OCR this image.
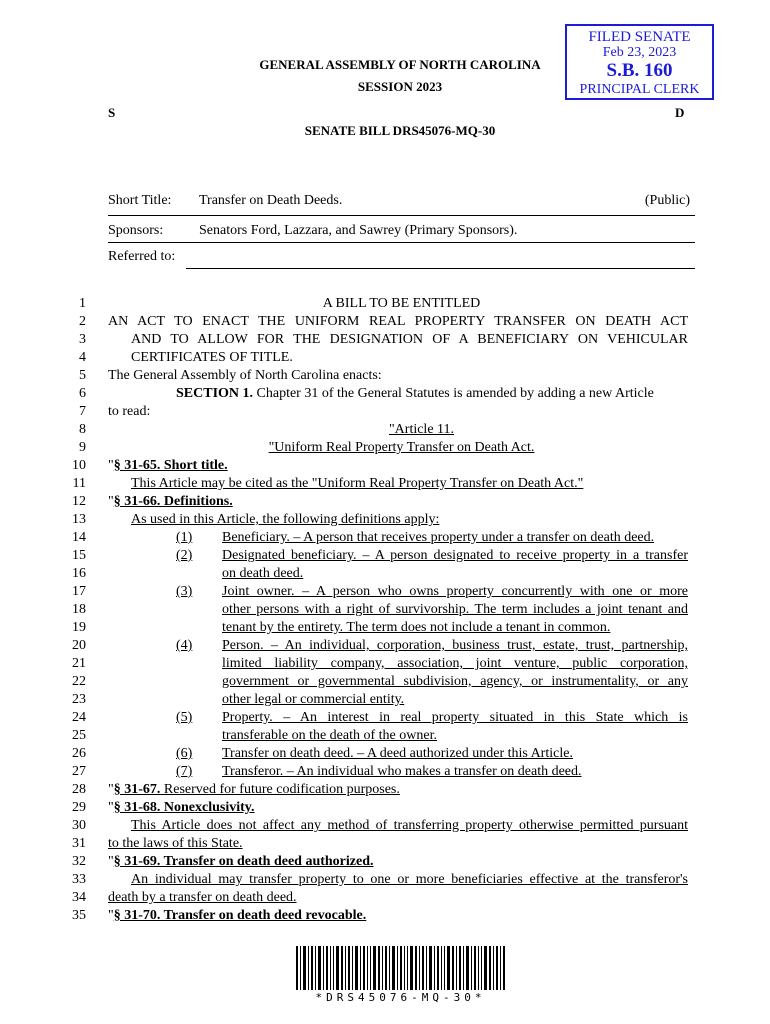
FILED SENATE
Feb 23, 2023
S.B. 160
PRINCIPAL CLERK
GENERAL ASSEMBLY OF NORTH CAROLINA
SESSION 2023
S	D
SENATE BILL DRS45076-MQ-30
Short Title: Transfer on Death Deeds.	(Public)
Sponsors:	Senators Ford, Lazzara, and Sawrey (Primary Sponsors).
Referred to:
1
2
3
4
5
6
7
8
9
10
11
12
13
14
15
16
17
18
19
20
21
22
23
24
25
26
27
28
29
30
31
32
33
34
35
A BILL TO BE ENTITLED
AN ACT TO ENACT THE UNIFORM REAL PROPERTY TRANSFER ON DEATH ACT
AND TO ALLOW FOR THE DESIGNATION OF A BENEFICIARY ON VEHICULAR
CERTIFICATES OF TITLE.
The General Assembly of North Carolina enacts:
SECTION 1. Chapter 31 of the General Statutes is amended by adding a new Article
to read:
"Article 11.
"Uniform Real Property Transfer on Death Act.
"§ 31-65. Short title.
This Article may be cited as the "Uniform Real Property Transfer on Death Act."
"§ 31-66. Definitions.
As used in this Article, the following definitions apply:
(1) Beneficiary. – A person that receives property under a transfer on death deed.
(2) Designated beneficiary. – A person designated to receive property in a transfer
on death deed.
(3) Joint owner. – A person who owns property concurrently with one or more
other persons with a right of survivorship. The term includes a joint tenant and
tenant by the entirety. The term does not include a tenant in common.
(4) Person. – An individual, corporation, business trust, estate, trust, partnership,
limited liability company, association, joint venture, public corporation,
government or governmental subdivision, agency, or instrumentality, or any
other legal or commercial entity.
(5) Property. – An interest in real property situated in this State which is
transferable on the death of the owner.
(6) Transfer on death deed. – A deed authorized under this Article.
(7) Transferor. – An individual who makes a transfer on death deed.
"§ 31-67. Reserved for future codification purposes.
"§ 31-68. Nonexclusivity.
This Article does not affect any method of transferring property otherwise permitted pursuant
to the laws of this State.
"§ 31-69. Transfer on death deed authorized.
An individual may transfer property to one or more beneficiaries effective at the transferor's
death by a transfer on death deed.
"§ 31-70. Transfer on death deed revocable.
*DRS45076-MQ-30*
